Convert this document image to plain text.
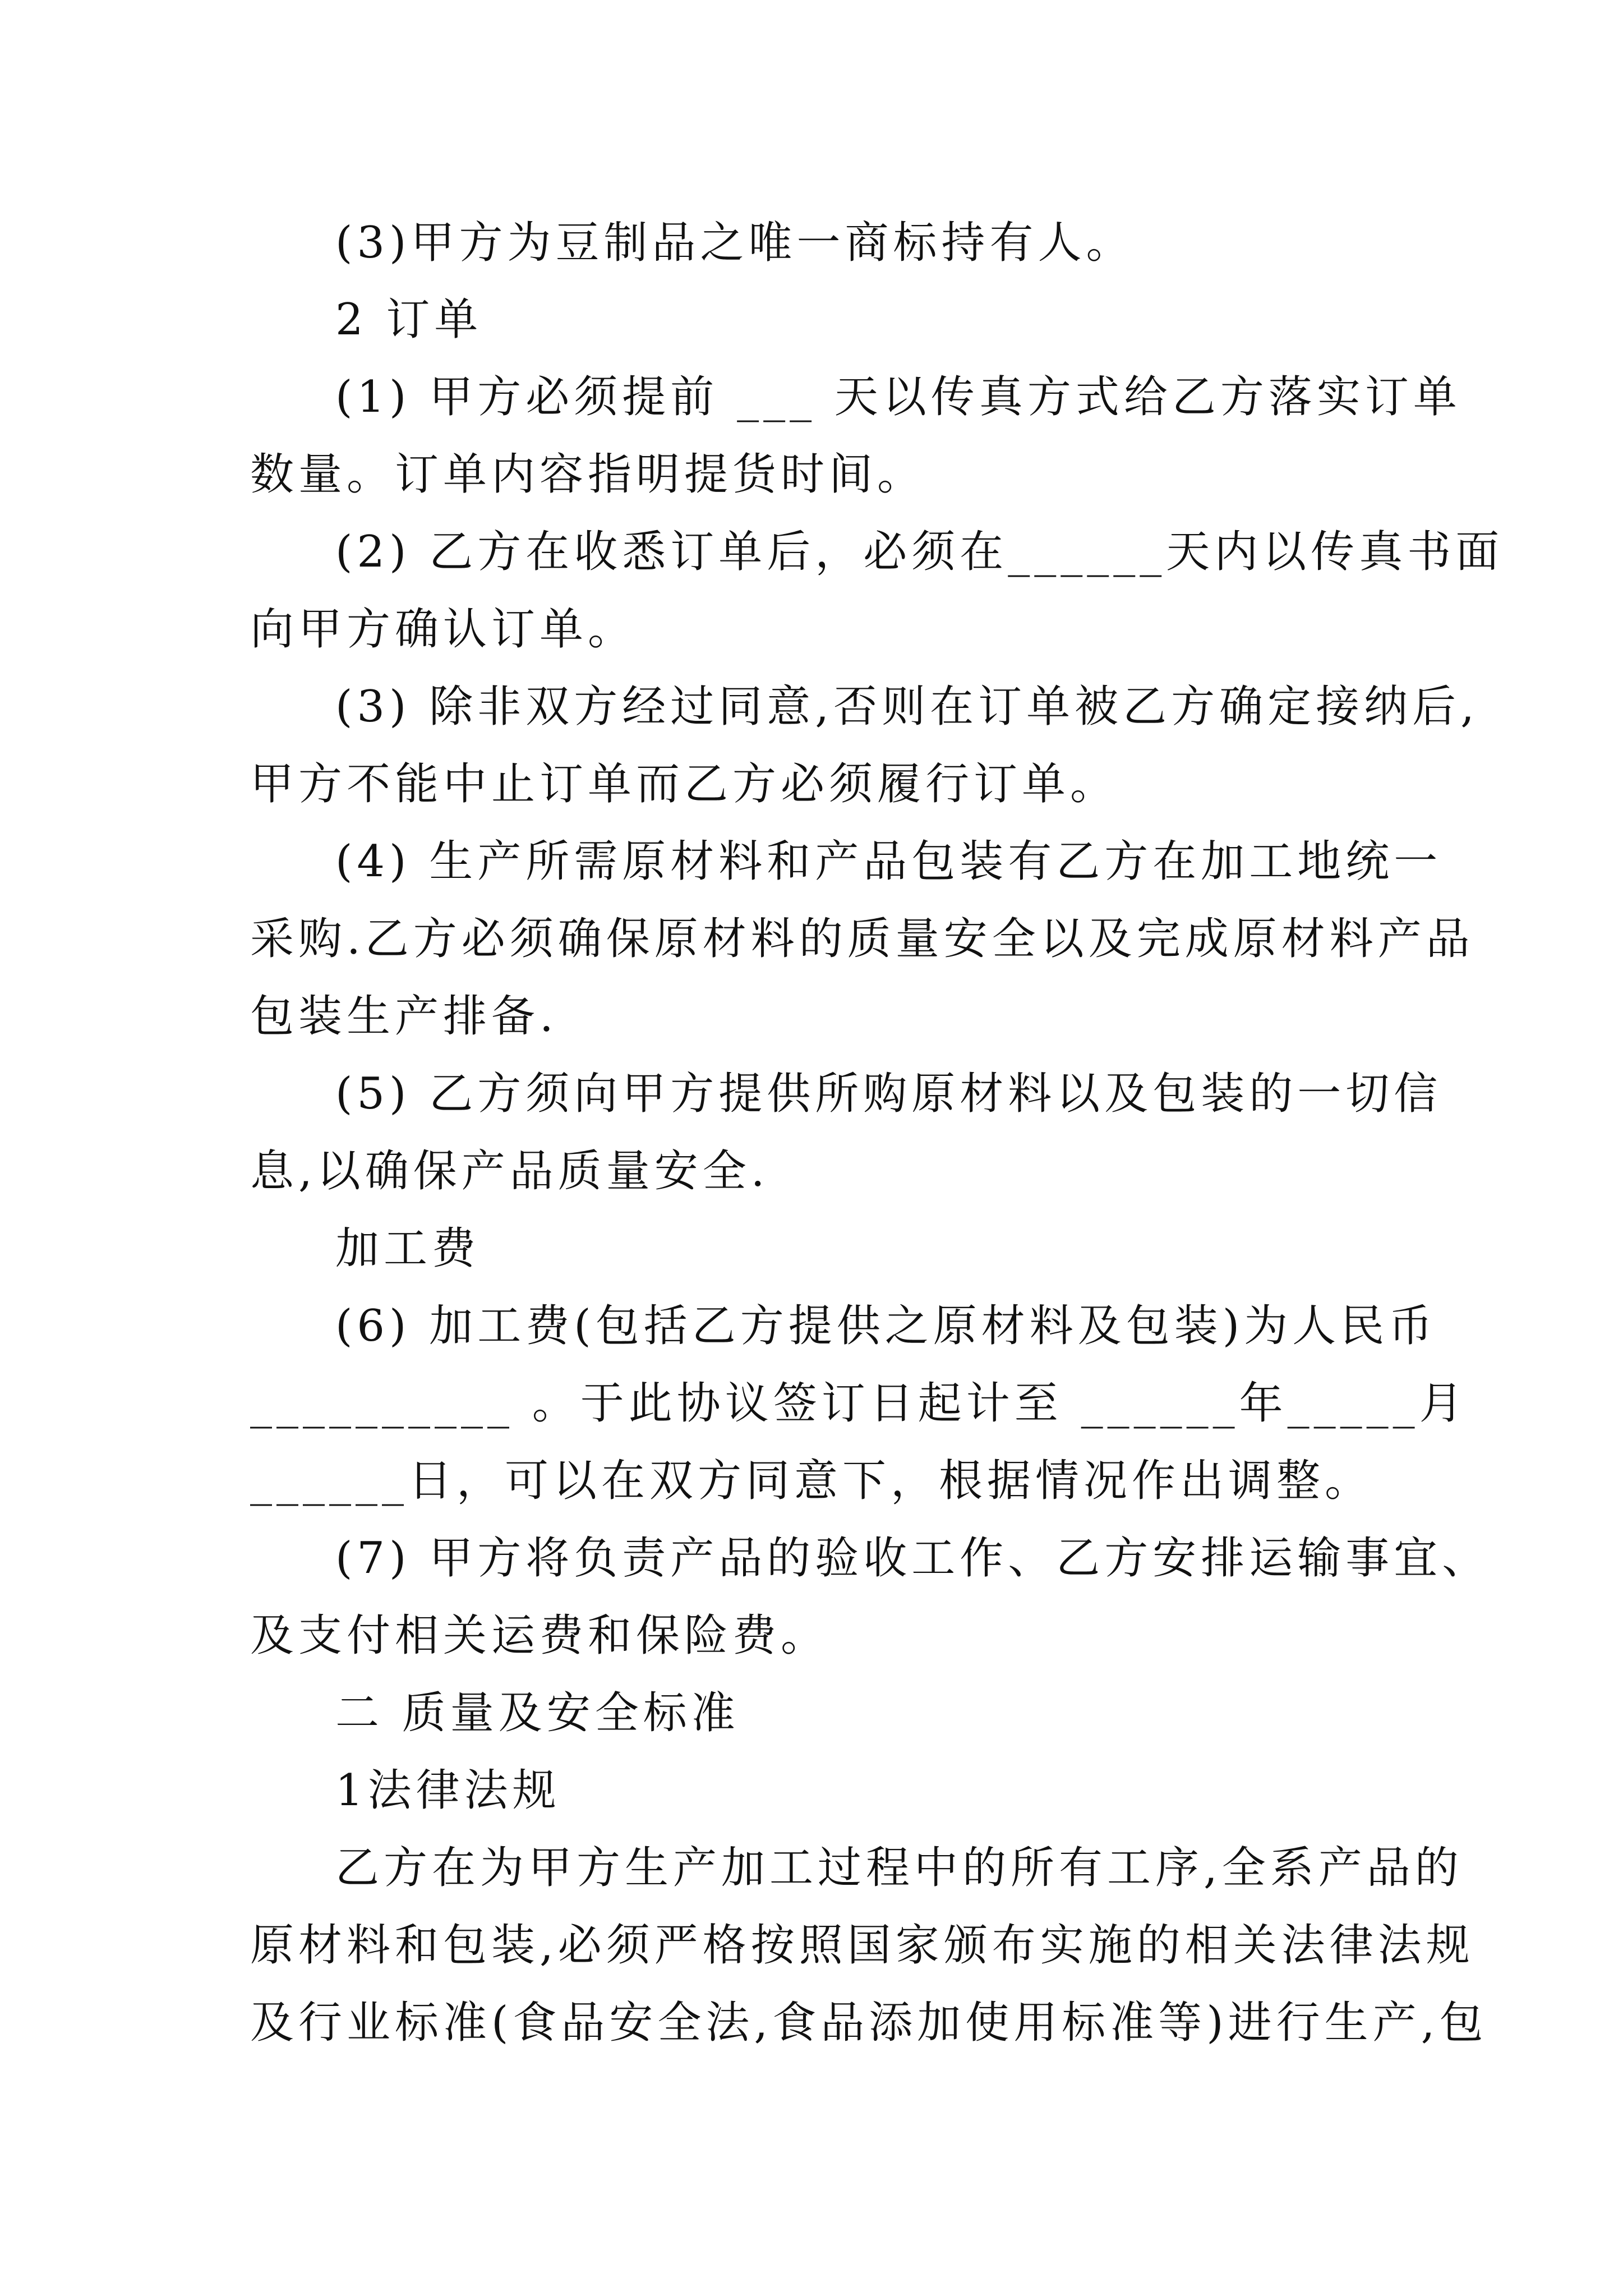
(3)甲方为豆制品之唯一商标持有人。
2 订单
(1) 甲方必须提前 ___ 天以传真方式给乙方落实订单
数量。订单内容指明提货时间。
(2) 乙方在收悉订单后，必须在______天内以传真书面
向甲方确认订单。
(3) 除非双方经过同意,否则在订单被乙方确定接纳后,
甲方不能中止订单而乙方必须履行订单。
(4) 生产所需原材料和产品包装有乙方在加工地统一
采购.乙方必须确保原材料的质量安全以及完成原材料产品
包装生产排备.
(5) 乙方须向甲方提供所购原材料以及包装的一切信
息,以确保产品质量安全.
加工费
(6) 加工费(包括乙方提供之原材料及包装)为人民币
__________ 。于此协议签订日起计至 ______年_____月
______日，可以在双方同意下，根据情况作出调整。
(7) 甲方将负责产品的验收工作、乙方安排运输事宜、
及支付相关运费和保险费。
二 质量及安全标准
1法律法规
乙方在为甲方生产加工过程中的所有工序,全系产品的
原材料和包装,必须严格按照国家颁布实施的相关法律法规
及行业标准(食品安全法,食品添加使用标准等)进行生产,包
